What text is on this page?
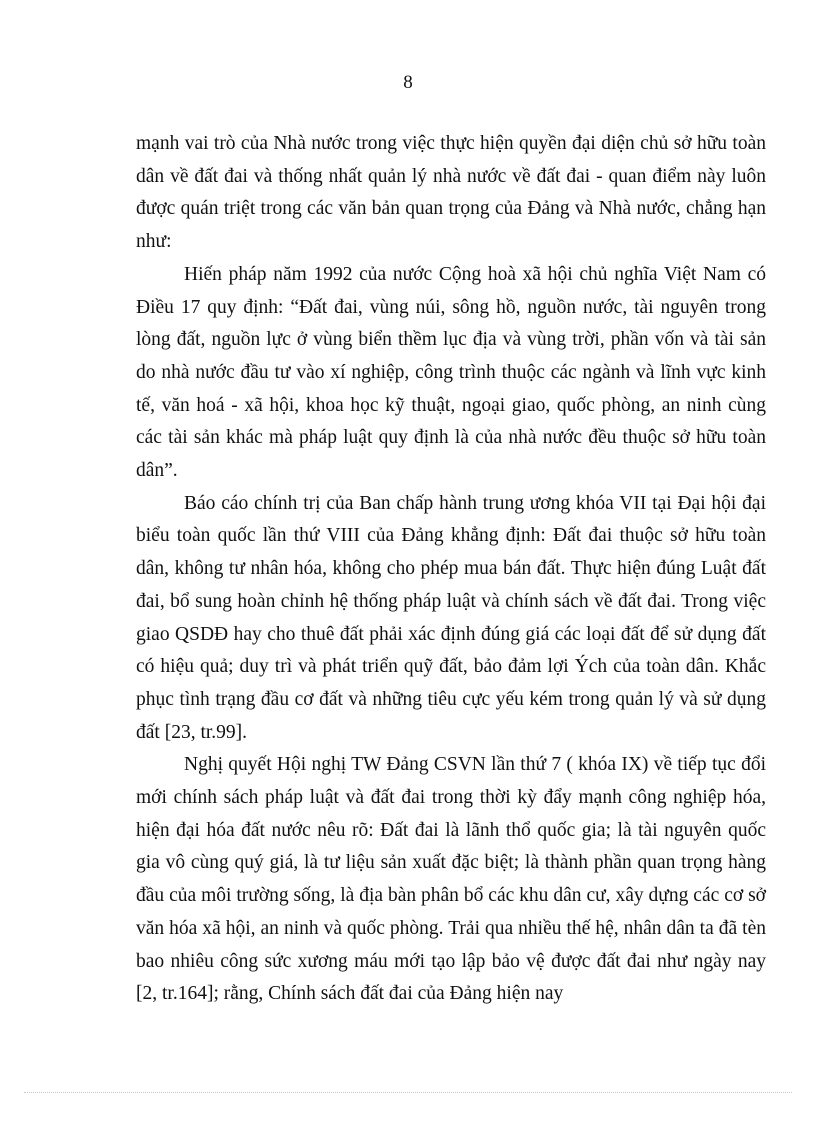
8

mạnh vai trò của Nhà nước trong việc thực hiện quyền đại diện chủ sở hữu toàn dân về đất đai và thống nhất quản lý nhà nước về đất đai - quan điểm này luôn được quán triệt trong các văn bản quan trọng của Đảng và Nhà nước, chẳng hạn như:

Hiến pháp năm 1992 của nước Cộng hoà xã hội chủ nghĩa Việt Nam có Điều 17 quy định: “Đất đai, vùng núi, sông hồ, nguồn nước, tài nguyên trong lòng đất, nguồn lực ở vùng biển thềm lục địa và vùng trời, phần vốn và tài sản do nhà nước đầu tư vào xí nghiệp, công trình thuộc các ngành và lĩnh vực kinh tế, văn hoá - xã hội, khoa học kỹ thuật, ngoại giao, quốc phòng, an ninh cùng các tài sản khác mà pháp luật quy định là của nhà nước đều thuộc sở hữu toàn dân”.

Báo cáo chính trị của Ban chấp hành trung ương khóa VII tại Đại hội đại biểu toàn quốc lần thứ VIII của Đảng khẳng định: Đất đai thuộc sở hữu toàn dân, không tư nhân hóa, không cho phép mua bán đất. Thực hiện đúng Luật đất đai, bổ sung hoàn chỉnh hệ thống pháp luật và chính sách về đất đai. Trong việc giao QSDĐ hay cho thuê đất phải xác định đúng giá các loại đất để sử dụng đất có hiệu quả; duy trì và phát triển quỹ đất, bảo đảm lợi Ých của toàn dân. Khắc phục tình trạng đầu cơ đất và những tiêu cực yếu kém trong quản lý và sử dụng đất [23, tr.99].

Nghị quyết Hội nghị TW Đảng CSVN lần thứ 7 ( khóa IX) về tiếp tục đổi mới chính sách pháp luật và đất đai trong thời kỳ đẩy mạnh công nghiệp hóa, hiện đại hóa đất nước nêu rõ: Đất đai là lãnh thổ quốc gia; là tài nguyên quốc gia vô cùng quý giá, là tư liệu sản xuất đặc biệt; là thành phần quan trọng hàng đầu của môi trường sống, là địa bàn phân bổ các khu dân cư, xây dựng các cơ sở văn hóa xã hội, an ninh và quốc phòng. Trải qua nhiều thế hệ, nhân dân ta đã tèn bao nhiêu công sức xương máu mới tạo lập bảo vệ được đất đai như ngày nay [2, tr.164]; rằng, Chính sách đất đai của Đảng hiện nay
